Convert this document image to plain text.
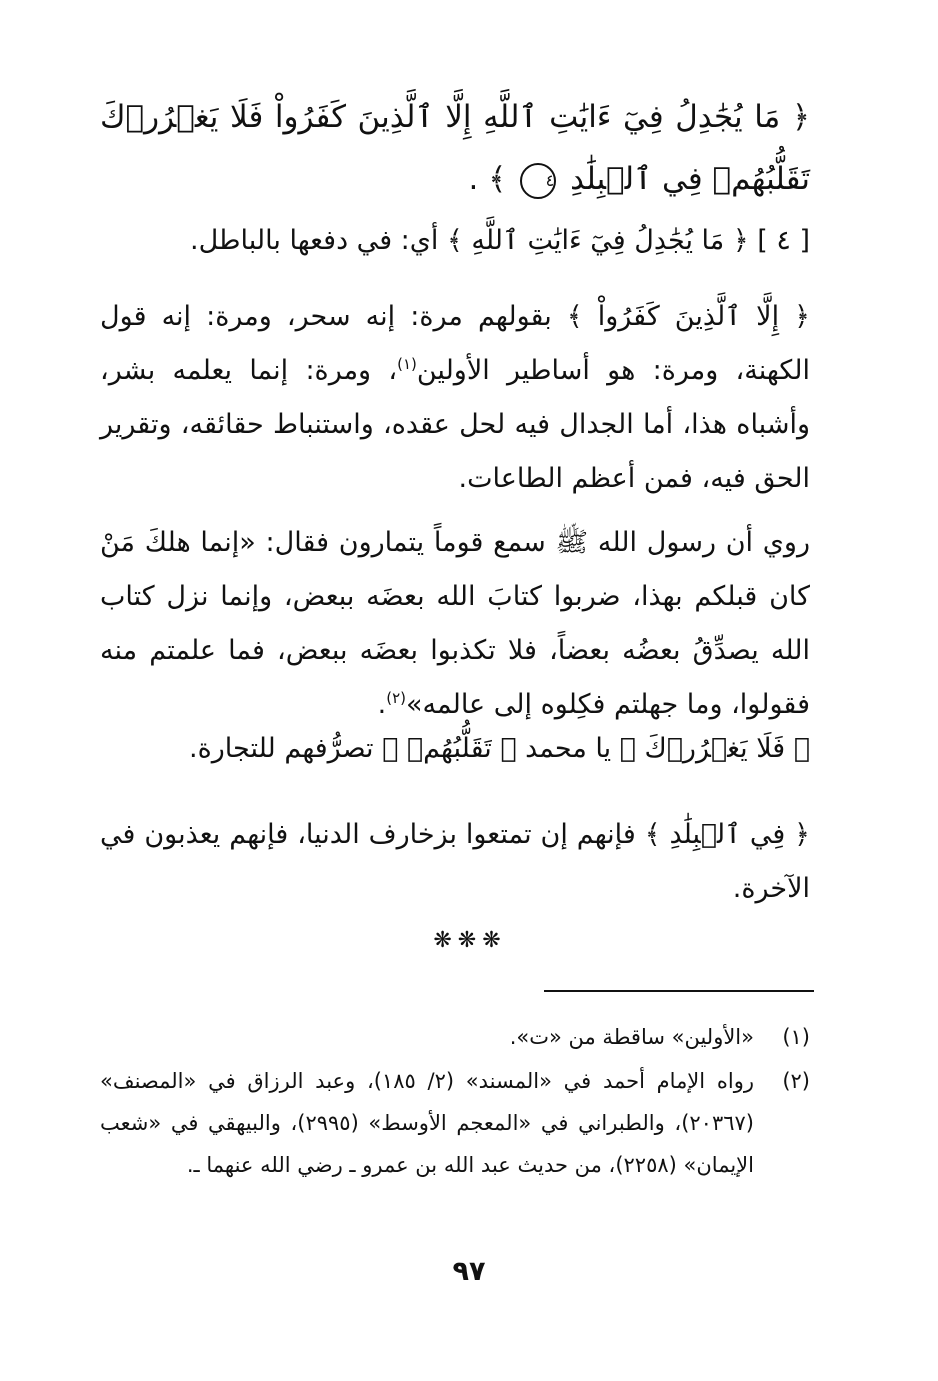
﴿ مَا يُجَٰدِلُ فِيٓ ءَايَٰتِ ٱللَّهِ إِلَّا ٱلَّذِينَ كَفَرُواْ فَلَا يَغۡرُرۡكَ تَقَلُّبُهُمۡ فِي ٱلۡبِلَٰدِ ٤ ﴾ .

[ ٤ ] ﴿ مَا يُجَٰدِلُ فِيٓ ءَايَٰتِ ٱللَّهِ ﴾ أي: في دفعها بالباطل.

﴿ إِلَّا ٱلَّذِينَ كَفَرُواْ ﴾ بقولهم مرة: إنه سحر، ومرة: إنه قول الكهنة، ومرة: هو أساطير الأولين$^{(١)}$، ومرة: إنما يعلمه بشر، وأشباه هذا، أما الجدال فيه لحل عقده، واستنباط حقائقه، وتقرير الحق فيه، فمن أعظم الطاعات.

روي أن رسول الله ﷺ سمع قوماً يتمارون فقال: «إنما هلكَ مَنْ كان قبلكم بهذا، ضربوا كتابَ الله بعضَه ببعض، وإنما نزل كتاب الله يصدِّقُ بعضُه بعضاً، فلا تكذبوا بعضَه ببعض، فما علمتم منه فقولوا، وما جهلتم فكِلوه إلى عالمه»$^{(٢)}$.

﴿ فَلَا يَغۡرُرۡكَ ﴾ يا محمد ﴿ تَقَلُّبُهُمۡ ﴾ تصرُّفهم للتجارة.

﴿ فِي ٱلۡبِلَٰدِ ﴾ فإنهم إن تمتعوا بزخارف الدنيا، فإنهم يعذبون في الآخرة.

❋❋❋

(١)
«الأولين» ساقطة من «ت».

(٢)
رواه الإمام أحمد في «المسند» (٢/ ١٨٥)، وعبد الرزاق في «المصنف» (٢٠٣٦٧)، والطبراني في «المعجم الأوسط» (٢٩٩٥)، والبيهقي في «شعب الإيمان» (٢٢٥٨)، من حديث عبد الله بن عمرو ـ رضي الله عنهما ـ.

٩٧
